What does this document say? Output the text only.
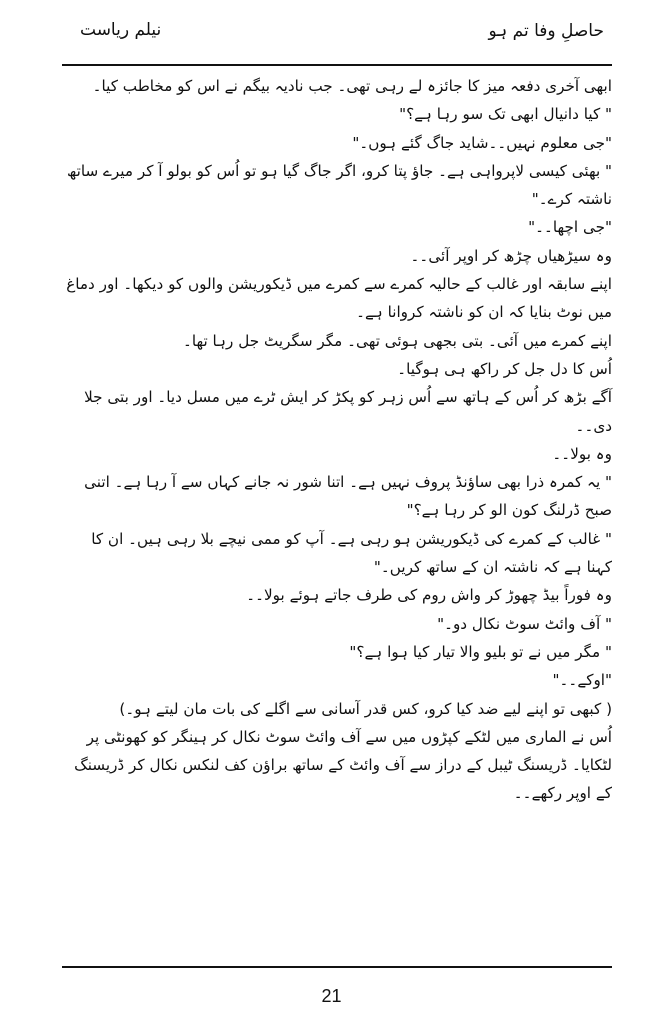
حاصلِ وفا تم ہو
نیلم ریاست

ابھی آخری دفعہ میز کا جائزہ لے رہی تھی۔ جب نادیہ بیگم نے اس کو مخاطب کیا۔

" کیا دانیال ابھی تک سو رہا ہے؟"

"جی معلوم نہیں۔۔شاید جاگ گئے ہوں۔"

" بھئی کیسی لاپرواہی ہے۔ جاؤ پتا کرو، اگر جاگ گیا ہو تو اُس کو بولو آ کر میرے ساتھ ناشتہ کرے۔"

"جی اچھا۔۔"

وہ سیڑھیاں چڑھ کر اوپر آئی۔۔

اپنے سابقہ اور غالب کے حالیہ کمرے سے کمرے میں ڈیکوریشن والوں کو دیکھا۔ اور دماغ میں نوٹ بنایا کہ ان کو ناشتہ کروانا ہے۔

اپنے کمرے میں آئی۔ بتی بجھی ہوئی تھی۔ مگر سگریٹ جل رہا تھا۔

اُس کا دل جل کر راکھ ہی ہوگیا۔

آگے بڑھ کر اُس کے ہاتھ سے اُس زہر کو پکڑ کر ایش ٹرے میں مسل دیا۔ اور بتی جلا دی۔۔

وہ بولا۔۔

" یہ کمرہ ذرا بھی ساؤنڈ پروف نہیں ہے۔ اتنا شور نہ جانے کہاں سے آ رہا ہے۔ اتنی صبح ڈرلنگ کون الو کر رہا ہے؟"

" غالب کے کمرے کی ڈیکوریشن ہو رہی ہے۔ آپ کو ممی نیچے بلا رہی ہیں۔ ان کا کہنا ہے کہ ناشتہ ان کے ساتھ کریں۔"

وہ فوراً بیڈ چھوڑ کر واش روم کی طرف جاتے ہوئے بولا۔۔

" آف وائٹ سوٹ نکال دو۔"

" مگر میں نے تو بلیو والا تیار کیا ہوا ہے؟"

"اوکے۔۔"

( کبھی تو اپنے لیے ضد کیا کرو، کس قدر آسانی سے اگلے کی بات مان لیتے ہو۔)

اُس نے الماری میں لٹکے کپڑوں میں سے آف وائٹ سوٹ نکال کر ہینگر کو کھونٹی پر لٹکایا۔ ڈریسنگ ٹیبل کے دراز سے آف وائٹ کے ساتھ براؤن کف لنکس نکال کر ڈریسنگ کے اوپر رکھے۔۔

21
